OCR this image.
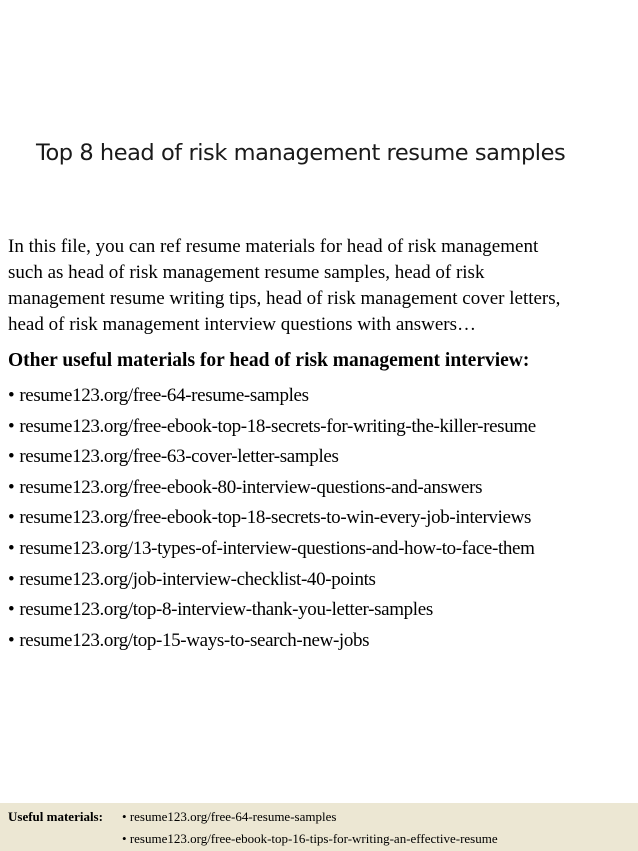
Top 8 head of risk management resume samples
In this file, you can ref resume materials for head of risk management
such as head of risk management resume samples, head of risk
management resume writing tips, head of risk management cover letters,
head of risk management interview questions with answers…
Other useful materials for head of risk management interview:
• resume123.org/free-64-resume-samples
• resume123.org/free-ebook-top-18-secrets-for-writing-the-killer-resume
• resume123.org/free-63-cover-letter-samples
• resume123.org/free-ebook-80-interview-questions-and-answers
• resume123.org/free-ebook-top-18-secrets-to-win-every-job-interviews
• resume123.org/13-types-of-interview-questions-and-how-to-face-them
• resume123.org/job-interview-checklist-40-points
• resume123.org/top-8-interview-thank-you-letter-samples
• resume123.org/top-15-ways-to-search-new-jobs
Useful materials: • resume123.org/free-64-resume-samples
• resume123.org/free-ebook-top-16-tips-for-writing-an-effective-resume
